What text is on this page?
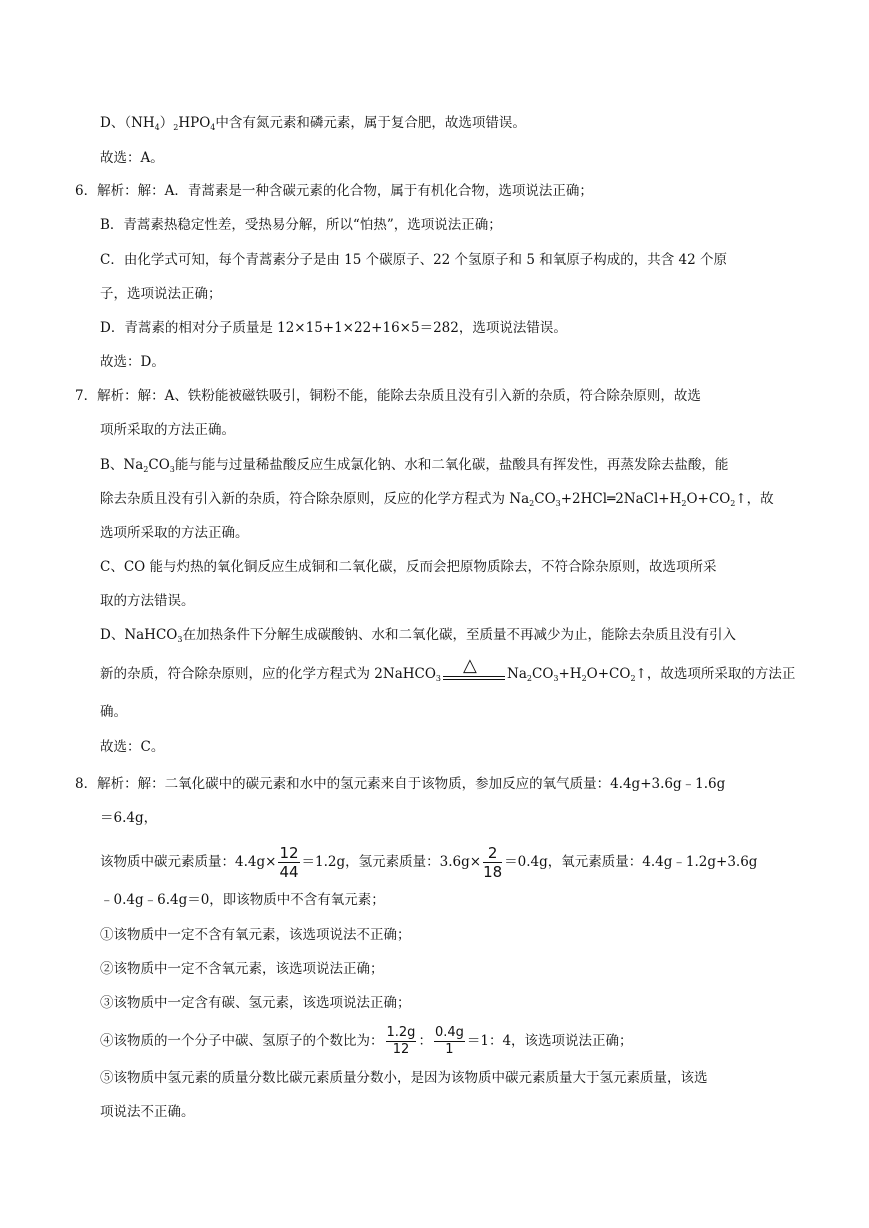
D、$(NH_4)_2HPO_4$中含有氮元素和磷元素，属于复合肥，故选项错误。
故选：A。
6．解析：解：A．青蒿素是一种含碳元素的化合物，属于有机化合物，选项说法正确；
B．青蒿素热稳定性差，受热易分解，所以“怕热”，选项说法正确；
C．由化学式可知，每个青蒿素分子是由 15 个碳原子、22 个氢原子和 5 和氧原子构成的，共含 42 个原
子，选项说法正确；
D．青蒿素的相对分子质量是 12×15+1×22+16×5＝282，选项说法错误。
故选：D。
7．解析：解：A、铁粉能被磁铁吸引，铜粉不能，能除去杂质且没有引入新的杂质，符合除杂原则，故选
项所采取的方法正确。
B、$Na_2CO_3$能与能与过量稀盐酸反应生成氯化钠、水和二氧化碳，盐酸具有挥发性，再蒸发除去盐酸，能
除去杂质且没有引入新的杂质，符合除杂原则，反应的化学方程式为 $Na_2CO_3+2HCl═2NaCl+H_2O+CO_2↑$，故
选项所采取的方法正确。
C、CO 能与灼热的氧化铜反应生成铜和二氧化碳，反而会把原物质除去，不符合除杂原则，故选项所采
取的方法错误。
D、NaHCO$_3$在加热条件下分解生成碳酸钠、水和二氧化碳，至质量不再减少为止，能除去杂质且没有引入
新的杂质，符合除杂原则，应的化学方程式为 2NaHCO$_3$
△ $Na_2CO_3+H_2O+CO_2↑$，故选项所采取的方法正
确。
故选：C。
8．解析：解：二氧化碳中的碳元素和水中的氢元素来自于该物质，参加反应的氧气质量：4.4g+3.6g﹣1.6g
＝6.4g，
该物质中碳元素质量：$4.4g\times \frac{12}{44} =1.2g$，氢元素质量：$3.6g\times \frac{2}{18} =0.4g$，氧元素质量：4.4g﹣1.2g+3.6g
﹣0.4g﹣6.4g＝0，即该物质中不含有氧元素；
①该物质中一定不含有氧元素，该选项说法不正确；
②该物质中一定不含氧元素，该选项说法正确；
③该物质中一定含有碳、氢元素，该选项说法正确；
④该物质的一个分子中碳、氢原子的个数比为： $\frac{1.2g}{12}$ ： $\frac{0.4g}{1} =1$：4，该选项说法正确；
⑤该物质中氢元素的质量分数比碳元素质量分数小，是因为该物质中碳元素质量大于氢元素质量，该选
项说法不正确。
